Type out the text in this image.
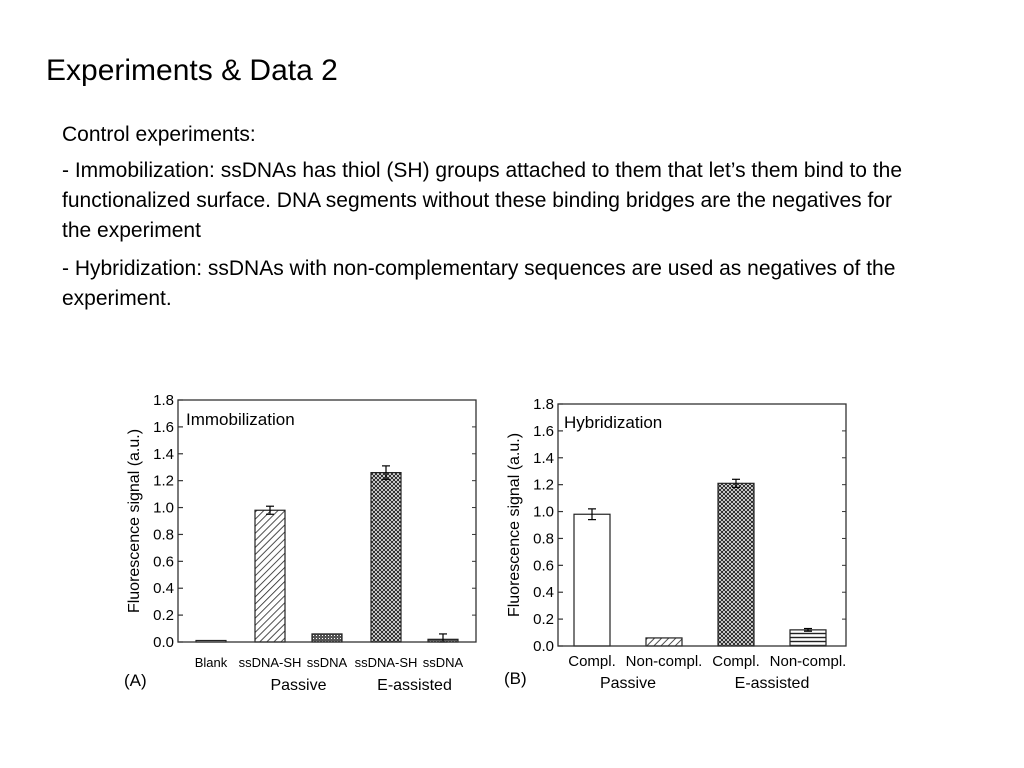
Experiments & Data 2

Control experiments:

- Immobilization: ssDNAs has thiol (SH) groups attached to them that let’s them bind to the functionalized surface. DNA segments without these binding bridges are the negatives for the experiment

- Hybridization: ssDNAs with non-complementary sequences are used as negatives of the experiment.

Blank ssDNA-SH ssDNA ssDNA-SH ssDNA
Passive	E-assisted
0.0
0.2
0.4
0.6
0.8
1.0
1.2
1.4
1.6
1.8
Immobilization
Fluorescence signal (a.u.)
(A)
Compl. Non-compl. Compl. Non-compl.
Passive	E-assisted
0.0
0.2
0.4
0.6
0.8
1.0
1.2
1.4
1.6
1.8
Hybridization
Fluorescence signal (a.u.)
(B)
